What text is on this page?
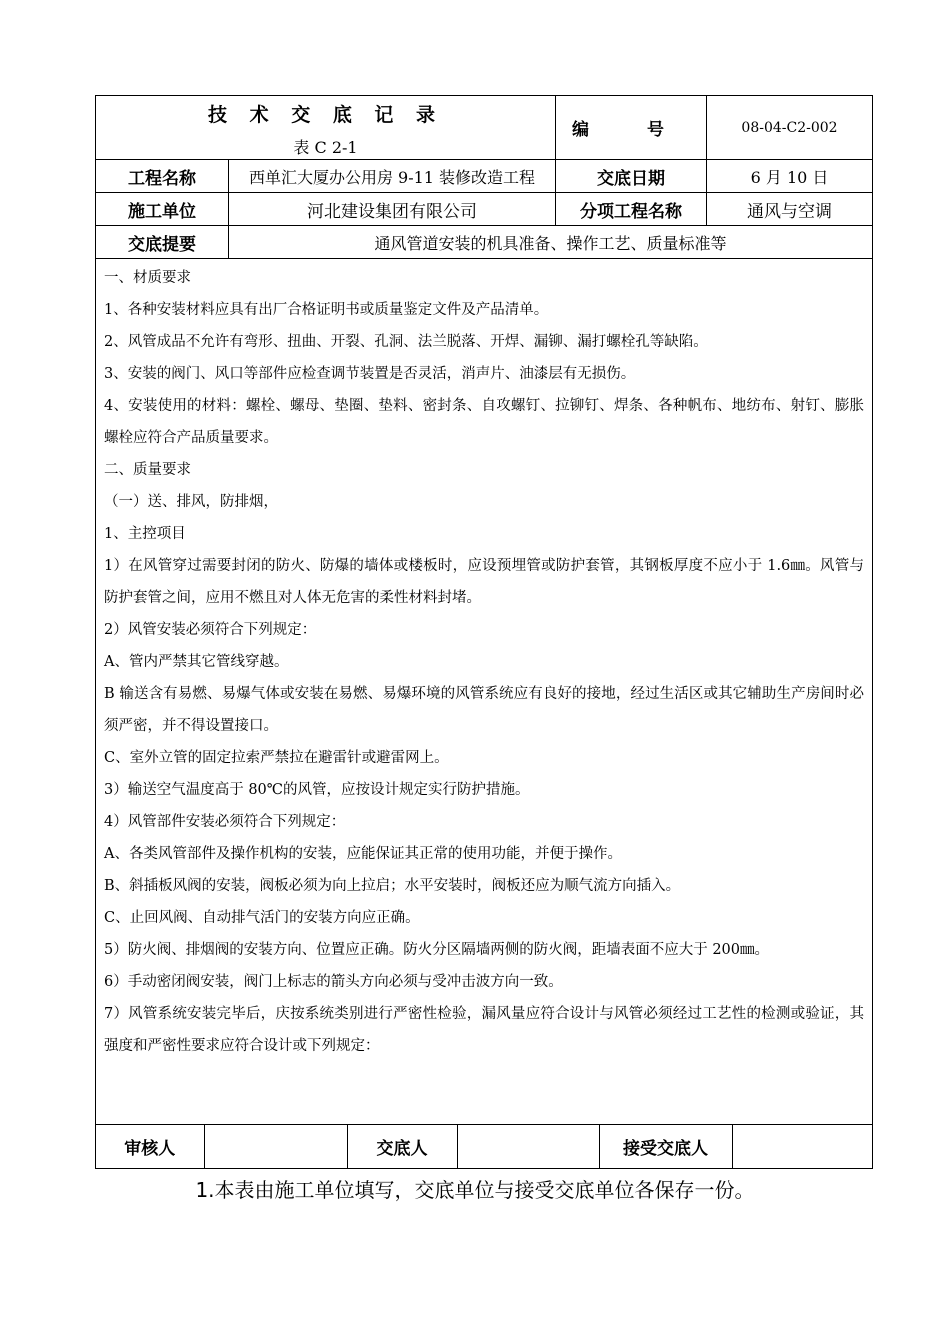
技 术 交 底 记 录
表 C 2-1
	编 号	08-04-C2-002
工程名称	西单汇大厦办公用房 9-11 装修改造工程	交底日期	6 月 10 日
施工单位	河北建设集团有限公司	分项工程名称	通风与空调
交底提要	通风管道安装的机具准备、操作工艺、质量标准等

一、材质要求

1、各种安装材料应具有出厂合格证明书或质量鉴定文件及产品清单。

2、风管成品不允许有弯形、扭曲、开裂、孔洞、法兰脱落、开焊、漏铆、漏打螺栓孔等缺陷。

3、安装的阀门、风口等部件应检查调节装置是否灵活，消声片、油漆层有无损伤。

4、安装使用的材料：螺栓、螺母、垫圈、垫料、密封条、自攻螺钉、拉铆钉、焊条、各种帆布、地纺布、射钉、膨胀螺栓应符合产品质量要求。

二、质量要求

（一）送、排风，防排烟，

1、主控项目

1）在风管穿过需要封闭的防火、防爆的墙体或楼板时，应设预埋管或防护套管，其钢板厚度不应小于 1.6㎜。风管与防护套管之间，应用不燃且对人体无危害的柔性材料封堵。

2）风管安装必须符合下列规定：

A、管内严禁其它管线穿越。

B 输送含有易燃、易爆气体或安装在易燃、易爆环境的风管系统应有良好的接地，经过生活区或其它辅助生产房间时必须严密，并不得设置接口。

C、室外立管的固定拉索严禁拉在避雷针或避雷网上。

3）输送空气温度高于 80℃的风管，应按设计规定实行防护措施。

4）风管部件安装必须符合下列规定：

A、各类风管部件及操作机构的安装，应能保证其正常的使用功能，并便于操作。

B、斜插板风阀的安装，阀板必须为向上拉启；水平安装时，阀板还应为顺气流方向插入。

C、止回风阀、自动排气活门的安装方向应正确。

5）防火阀、排烟阀的安装方向、位置应正确。防火分区隔墙两侧的防火阀，距墙表面不应大于 200㎜。

6）手动密闭阀安装，阀门上标志的箭头方向必须与受冲击波方向一致。

7）风管系统安装完毕后，庆按系统类别进行严密性检验，漏风量应符合设计与风管必须经过工艺性的检测或验证，其强度和严密性要求应符合设计或下列规定：

审核人		交底人		接受交底人	
1.本表由施工单位填写，交底单位与接受交底单位各保存一份。
